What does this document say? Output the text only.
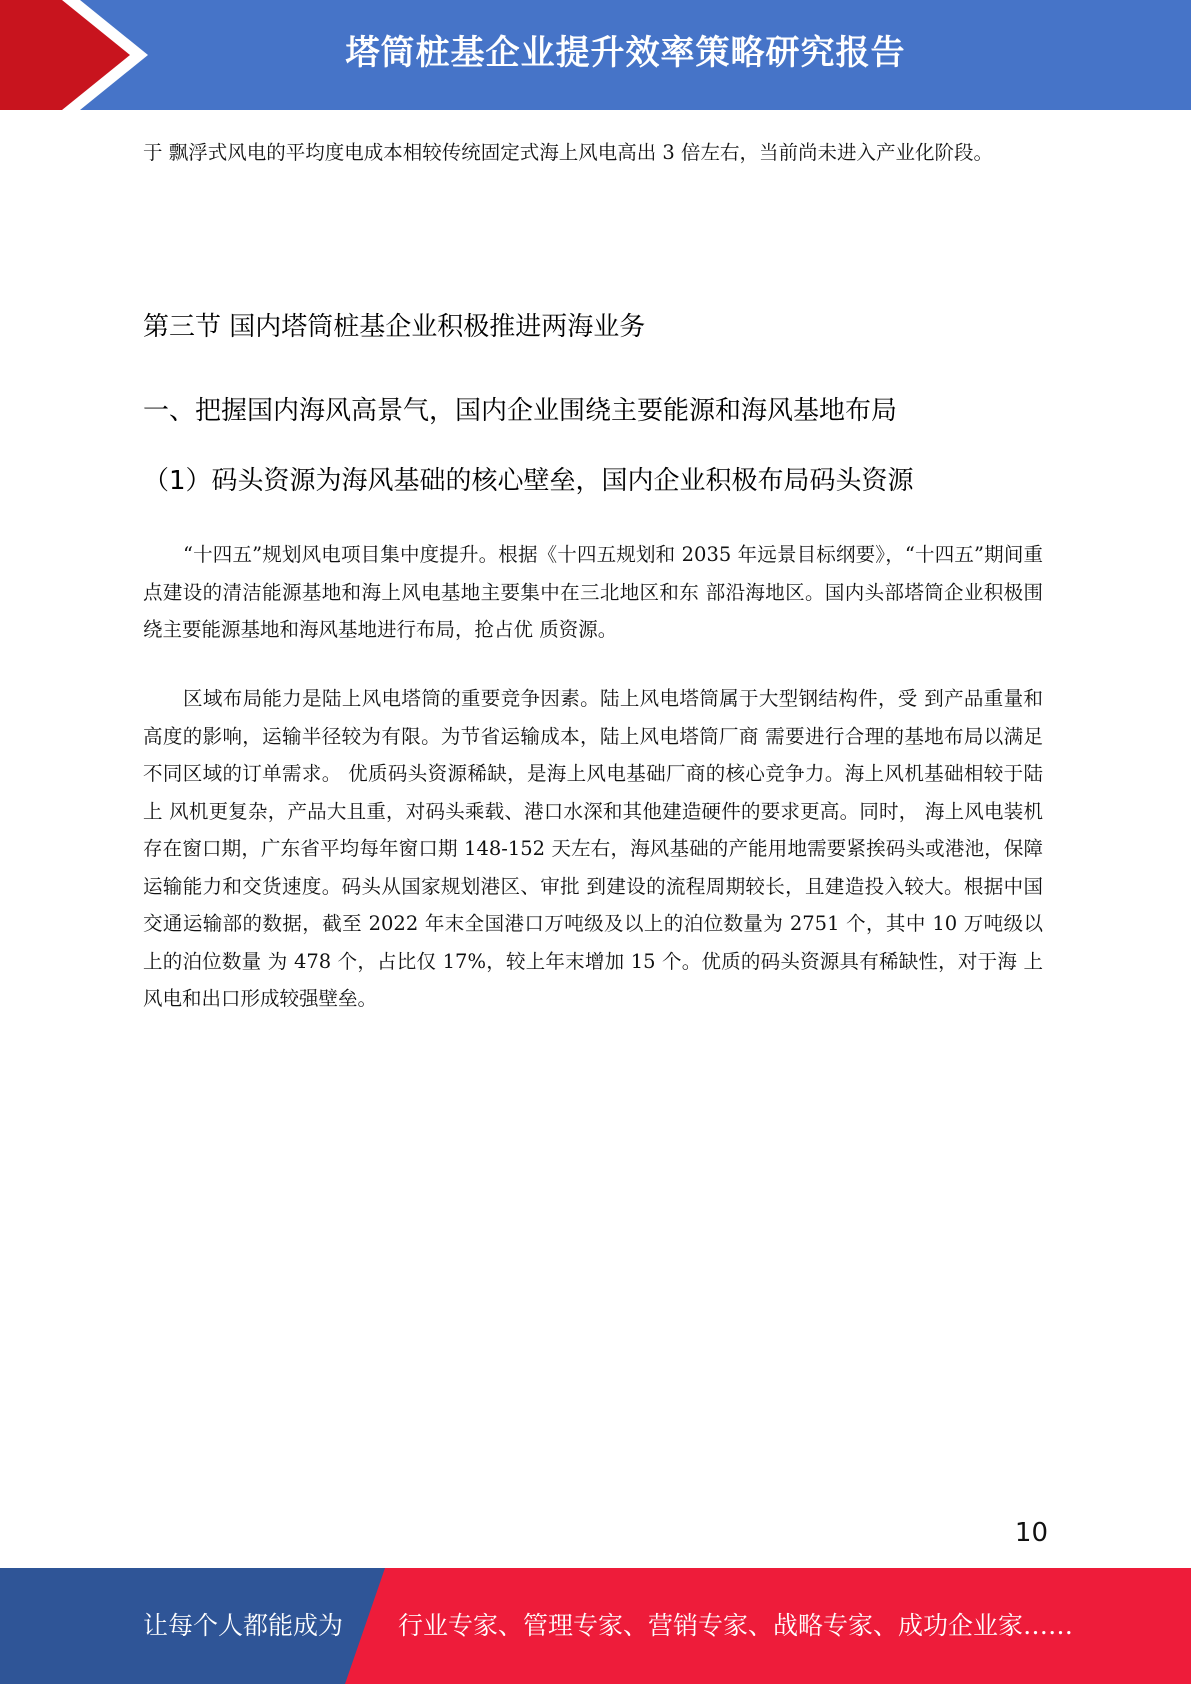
塔筒桩基企业提升效率策略研究报告

于 飘浮式风电的平均度电成本相较传统固定式海上风电高出 3 倍左右，当前尚未进入产业化阶段。

第三节 国内塔筒桩基企业积极推进两海业务
一、把握国内海风高景气，国内企业围绕主要能源和海风基地布局
（1）码头资源为海风基础的核心壁垒，国内企业积极布局码头资源

“十四五”规划风电项目集中度提升。根据《十四五规划和 2035 年远景目标纲要》，“十四五”期间重点建设的清洁能源基地和海上风电基地主要集中在三北地区和东 部沿海地区。国内头部塔筒企业积极围绕主要能源基地和海风基地进行布局，抢占优 质资源。

区域布局能力是陆上风电塔筒的重要竞争因素。陆上风电塔筒属于大型钢结构件，受 到产品重量和高度的影响，运输半径较为有限。为节省运输成本，陆上风电塔筒厂商 需要进行合理的基地布局以满足不同区域的订单需求。 优质码头资源稀缺，是海上风电基础厂商的核心竞争力。海上风机基础相较于陆上 风机更复杂，产品大且重，对码头乘载、港口水深和其他建造硬件的要求更高。同时， 海上风电装机存在窗口期，广东省平均每年窗口期 148-152 天左右，海风基础的产能用地需要紧挨码头或港池，保障运输能力和交货速度。码头从国家规划港区、审批 到建设的流程周期较长，且建造投入较大。根据中国交通运输部的数据，截至 2022 年末全国港口万吨级及以上的泊位数量为 2751 个，其中 10 万吨级以上的泊位数量 为 478 个，占比仅 17%，较上年末增加 15 个。优质的码头资源具有稀缺性，对于海 上风电和出口形成较强壁垒。

10
让每个人都能成为 行业专家、管理专家、营销专家、战略专家、成功企业家……
